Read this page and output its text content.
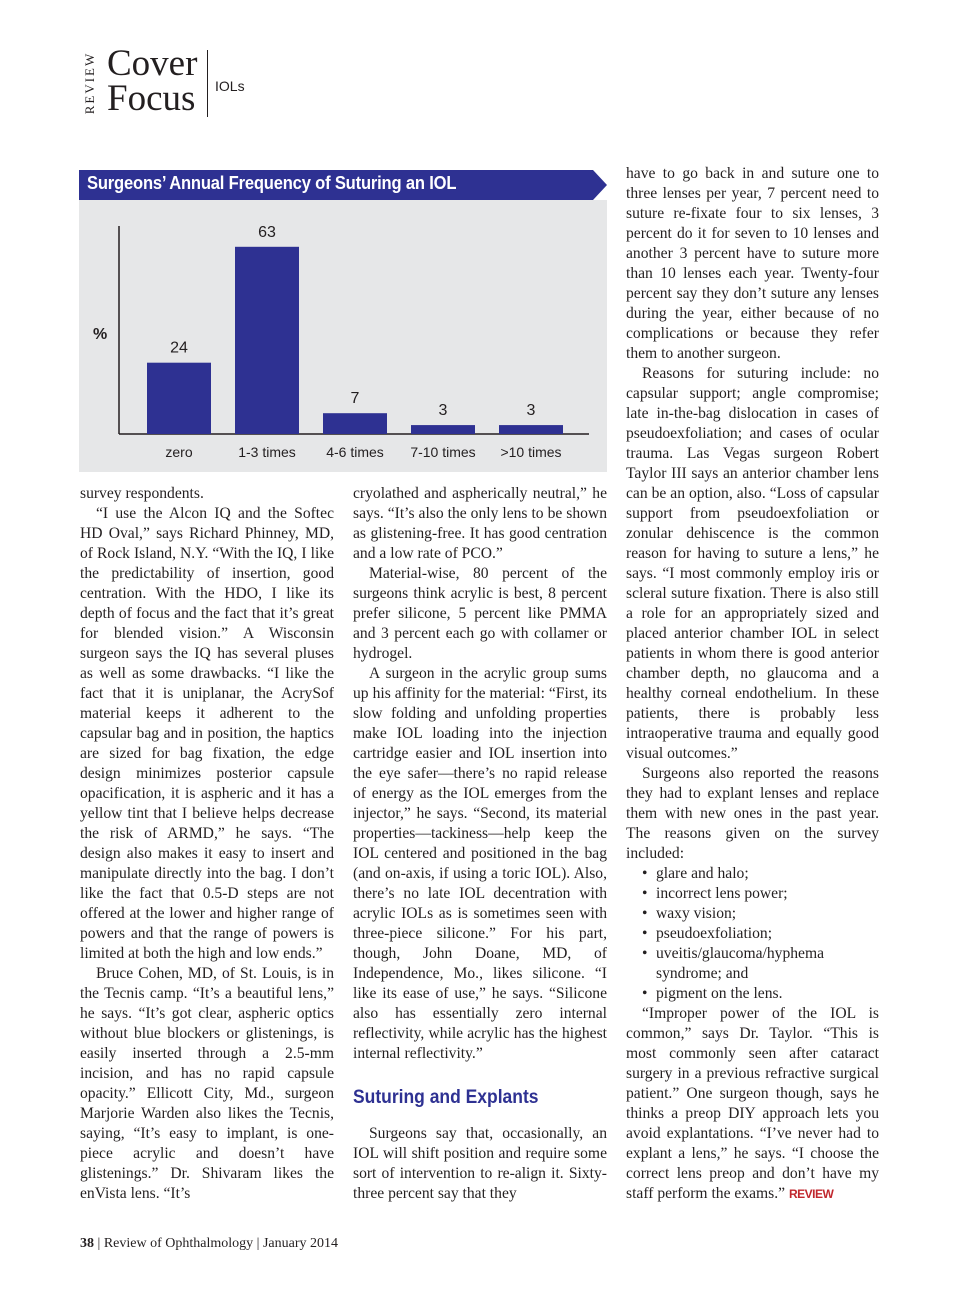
REVIEW Cover
Focus IOLs
Surgeons’ Annual Frequency of Suturing an IOL
%
24
zero
63
1-3 times
7
4-6 times
3
7-10 times
3
>10 times

survey respondents.

“I use the Alcon IQ and the Softec HD Oval,” says Richard Phinney, MD, of Rock Island, N.Y. “With the IQ, I like the predictability of insertion, good centration. With the HDO, I like its depth of focus and the fact that it’s great for blended vision.” A Wisconsin surgeon says the IQ has several pluses as well as some drawbacks. “I like the fact that it is uniplanar, the AcrySof material keeps it adherent to the capsular bag and in position, the haptics are sized for bag fixation, the edge design minimizes posterior capsule opacification, it is aspheric and it has a yellow tint that I believe helps decrease the risk of ARMD,” he says. “The design also makes it easy to insert and manipulate directly into the bag. I don’t like the fact that 0.5-D steps are not offered at the lower and higher range of powers and that the range of powers is limited at both the high and low ends.”

Bruce Cohen, MD, of St. Louis, is in the Tecnis camp. “It’s a beautiful lens,” he says. “It’s got clear, aspheric optics without blue blockers or glistenings, is easily inserted through a 2.5-mm incision, and has no rapid capsule opacity.” Ellicott City, Md., surgeon Marjorie Warden also likes the Tecnis, saying, “It’s easy to implant, is one-piece acrylic and doesn’t have glistenings.” Dr. Shivaram likes the enVista lens. “It’s

cryolathed and aspherically neutral,” he says. “It’s also the only lens to be shown as glistening-free. It has good centration and a low rate of PCO.”

Material-wise, 80 percent of the surgeons think acrylic is best, 8 percent prefer silicone, 5 percent like PMMA and 3 percent each go with collamer or hydrogel.

A surgeon in the acrylic group sums up his affinity for the material: “First, its slow folding and unfolding properties make IOL loading into the injection cartridge easier and IOL insertion into the eye safer—there’s no rapid release of energy as the IOL emerges from the injector,” he says. “Second, its material properties—tackiness—help keep the IOL centered and positioned in the bag (and on-axis, if using a toric IOL). Also, there’s no late IOL decentration with acrylic IOLs as is sometimes seen with three-piece silicone.” For his part, though, John Doane, MD, of Independence, Mo., likes silicone. “I like its ease of use,” he says. “Silicone also has essentially zero internal reflectivity, while acrylic has the highest internal reflectivity.”

Suturing and Explants

Surgeons say that, occasionally, an IOL will shift position and require some sort of intervention to re-align it. Sixty-three percent say that they

have to go back in and suture one to three lenses per year, 7 percent need to suture re-fixate four to six lenses, 3 percent do it for seven to 10 lenses and another 3 percent have to suture more than 10 lenses each year. Twenty-four percent say they don’t suture any lenses during the year, either because of no complications or because they refer them to another surgeon.

Reasons for suturing include: no capsular support; angle compromise; late in-the-bag dislocation in cases of pseudoexfoliation; and cases of ocular trauma. Las Vegas surgeon Robert Taylor III says an anterior chamber lens can be an option, also. “Loss of capsular support from pseudoexfoliation or zonular dehiscence is the common reason for having to suture a lens,” he says. “I most commonly employ iris or scleral suture fixation. There is also still a role for an appropriately sized and placed anterior chamber IOL in select patients in whom there is good anterior chamber depth, no glaucoma and a healthy corneal endothelium. In these patients, there is probably less intraoperative trauma and equally good visual outcomes.”

Surgeons also reported the reasons they had to explant lenses and replace them with new ones in the past year. The reasons given on the survey included:

• glare and halo;
• incorrect lens power;
• waxy vision;
• pseudoexfoliation;
• uveitis/glaucoma/hyphema syndrome; and
• pigment on the lens.

“Improper power of the IOL is common,” says Dr. Taylor. “This is most commonly seen after cataract surgery in a previous refractive surgical patient.” One surgeon though, says he thinks a preop DIY approach lets you avoid explantations. “I’ve never had to explant a lens,” he says. “I choose the correct lens preop and don’t have my staff perform the exams.” REVIEW

38 | Review of Ophthalmology | January 2014
